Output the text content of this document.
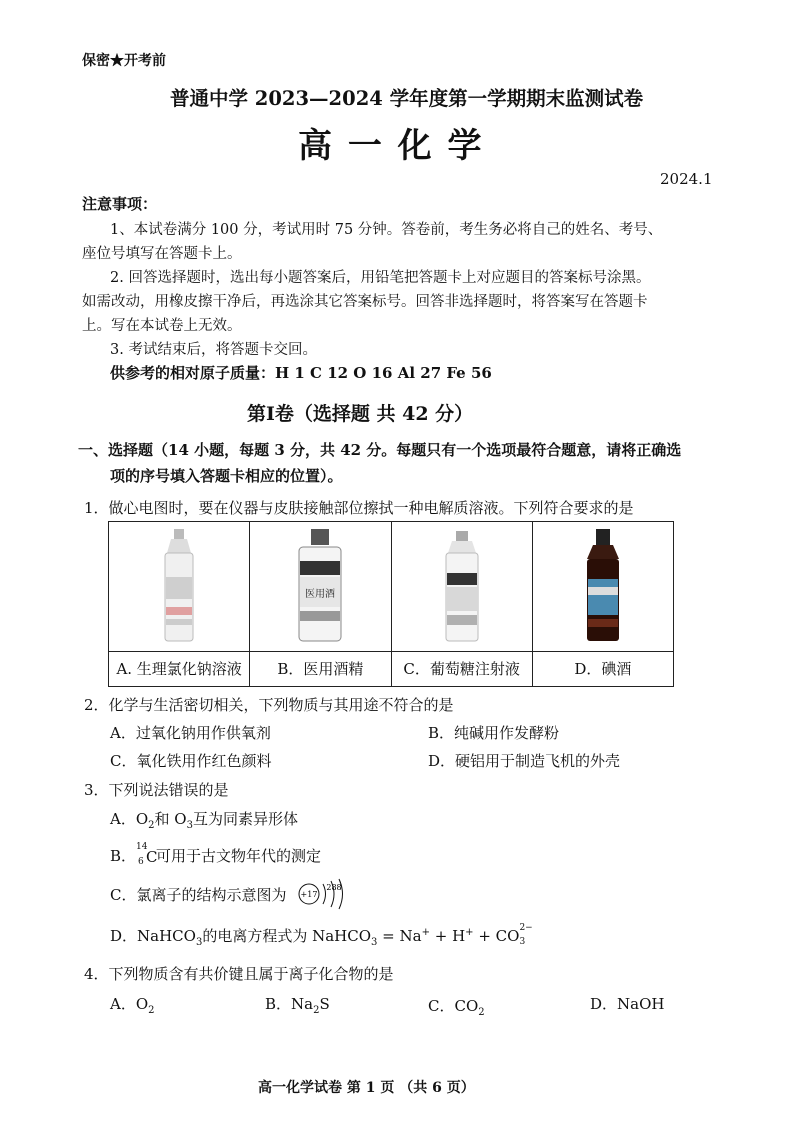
保密★开考前
普通中学 2023—2024 学年度第一学期期末监测试卷
高 一 化 学
2024.1
注意事项：
1、本试卷满分 100 分，考试用时 75 分钟。答卷前，考生务必将自己的姓名、考号、
座位号填写在答题卡上。
2. 回答选择题时，选出每小题答案后，用铅笔把答题卡上对应题目的答案标号涂黑。
如需改动，用橡皮擦干净后，再选涂其它答案标号。回答非选择题时，将答案写在答题卡
上。写在本试卷上无效。
3. 考试结束后，将答题卡交回。
供参考的相对原子质量：H 1 C 12 O 16 Al 27 Fe 56
第Ⅰ卷（选择题 共 42 分）
一、选择题（14 小题，每题 3 分，共 42 分。每题只有一个选项最符合题意，请将正确选
项的序号填入答题卡相应的位置）。
1．做心电图时，要在仪器与皮肤接触部位擦拭一种电解质溶液。下列符合要求的是

医用酒

A. 生理氯化钠溶液	B．医用酒精	C．葡萄糖注射液	D．碘酒
2．化学与生活密切相关，下列物质与其用途不符合的是
A．过氧化钠用作供氧剂	B．纯碱用作发酵粉
C．氧化铁用作红色颜料	D．硬铝用于制造飞机的外壳
3．下列说法错误的是
A．$O_2$和 $O_3$互为同素异形体
B． 14
6 C
可用于古文物年代的测定
C．氯离子的结构示意图为 +17
288
D．NaHCO$_3$的电离方程式为 NaHCO$_3$ = Na+ + H+ + CO 2−
3
4．下列物质含有共价键且属于离子化合物的是
A．$O_2$	B．$Na_2S$	C．$CO_2$	D．NaOH
高一化学试卷 第 1 页 （共 6 页）
